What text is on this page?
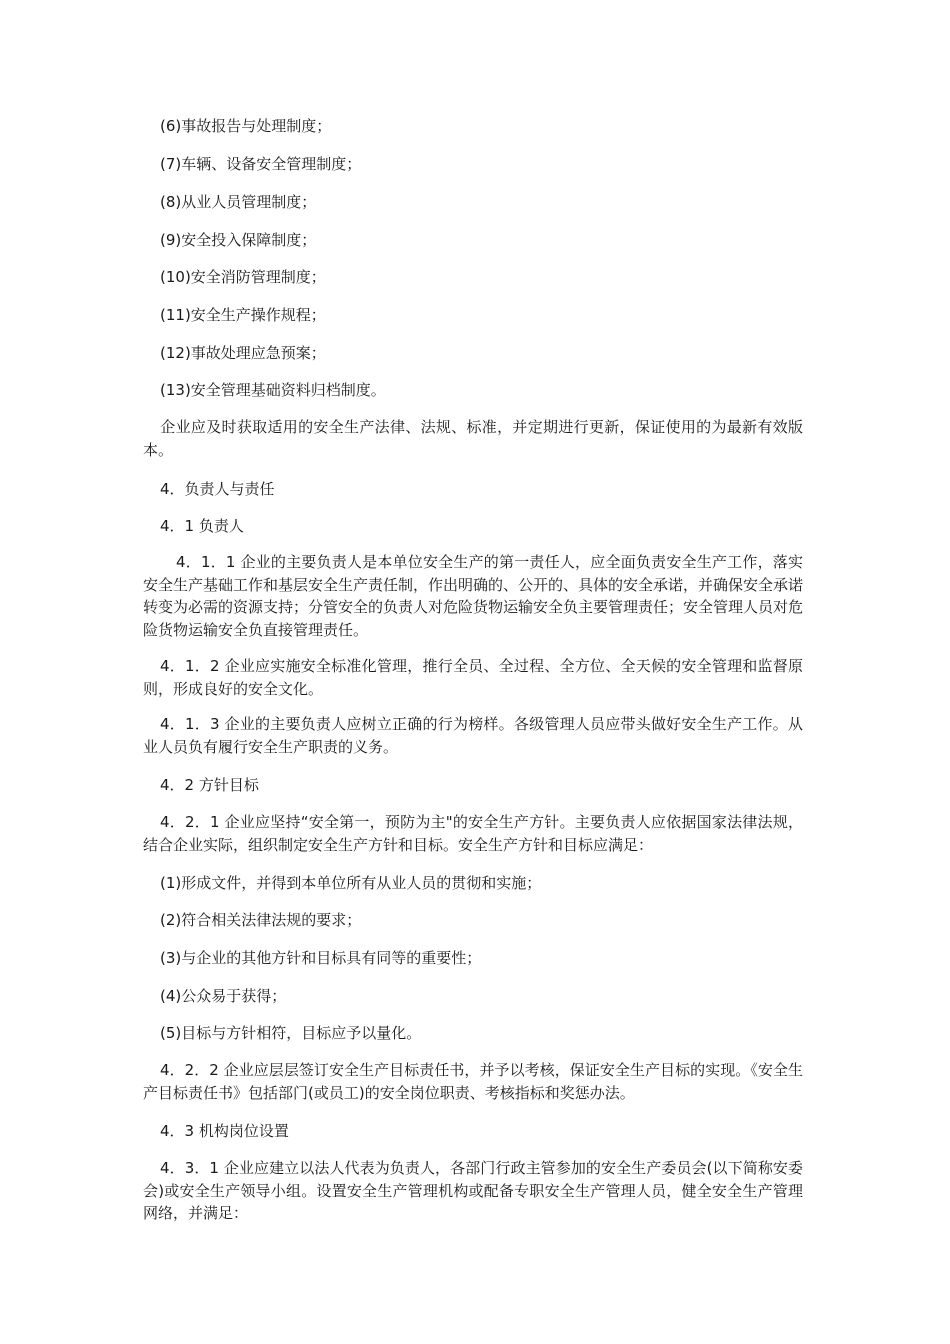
(6)事故报告与处理制度；
(7)车辆、设备安全管理制度；
(8)从业人员管理制度；
(9)安全投入保障制度；
(10)安全消防管理制度；
(11)安全生产操作规程；
(12)事故处理应急预案；
(13)安全管理基础资料归档制度。

企业应及时获取适用的安全生产法律、法规、标准，并定期进行更新，保证使用的为最新有效版本。

4．负责人与责任
4．1 负责人

4．1．1 企业的主要负责人是本单位安全生产的第一责任人，应全面负责安全生产工作，落实安全生产基础工作和基层安全生产责任制，作出明确的、公开的、具体的安全承诺，并确保安全承诺转变为必需的资源支持；分管安全的负责人对危险货物运输安全负主要管理责任；安全管理人员对危险货物运输安全负直接管理责任。

4．1．2 企业应实施安全标准化管理，推行全员、全过程、全方位、全天候的安全管理和监督原则，形成良好的安全文化。

4．1．3 企业的主要负责人应树立正确的行为榜样。各级管理人员应带头做好安全生产工作。从业人员负有履行安全生产职责的义务。

4．2 方针目标

4．2．1 企业应坚持“安全第一，预防为主"的安全生产方针。主要负责人应依据国家法律法规，结合企业实际，组织制定安全生产方针和目标。安全生产方针和目标应满足：

(1)形成文件，并得到本单位所有从业人员的贯彻和实施；
(2)符合相关法律法规的要求；
(3)与企业的其他方针和目标具有同等的重要性；
(4)公众易于获得；
(5)目标与方针相符，目标应予以量化。

4．2．2 企业应层层签订安全生产目标责任书，并予以考核，保证安全生产目标的实现。《安全生产目标责任书》包括部门(或员工)的安全岗位职责、考核指标和奖惩办法。

4．3 机构岗位设置

4．3．1 企业应建立以法人代表为负责人，各部门行政主管参加的安全生产委员会(以下简称安委会)或安全生产领导小组。设置安全生产管理机构或配备专职安全生产管理人员，健全安全生产管理网络，并满足：
